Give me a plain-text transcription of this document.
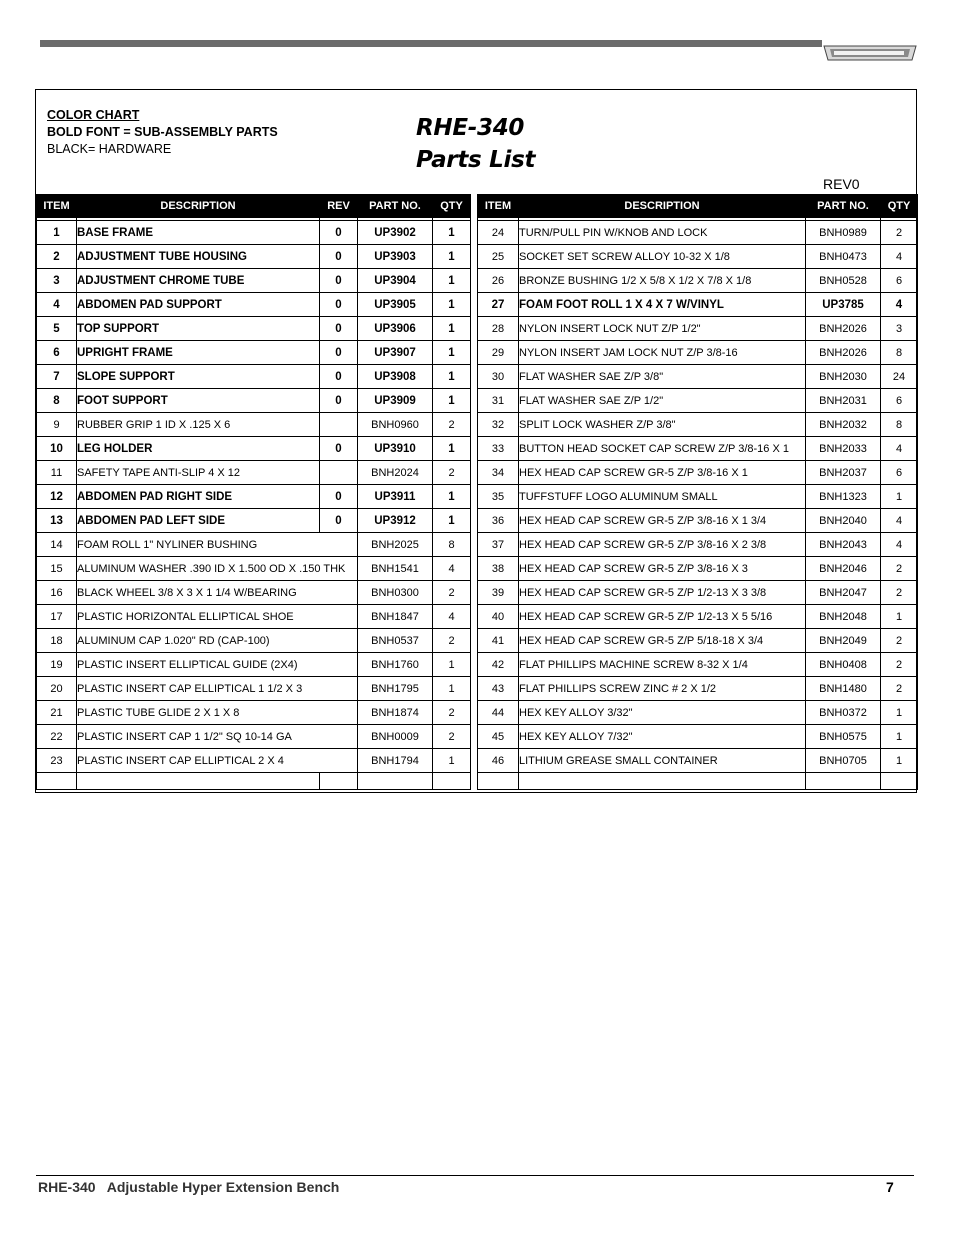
COLOR CHART
BOLD FONT = SUB-ASSEMBLY PARTS
BLACK= HARDWARE
RHE-340
Parts List
REV0
ITEM	DESCRIPTION	REV	PART NO.	QTY

1	BASE FRAME	0	UP3902	1
2	ADJUSTMENT TUBE HOUSING	0	UP3903	1
3	ADJUSTMENT CHROME TUBE	0	UP3904	1
4	ABDOMEN PAD SUPPORT	0	UP3905	1
5	TOP SUPPORT	0	UP3906	1
6	UPRIGHT FRAME	0	UP3907	1
7	SLOPE SUPPORT	0	UP3908	1
8	FOOT SUPPORT	0	UP3909	1
9	RUBBER GRIP 1 ID X .125 X 6		BNH0960	2
10	LEG HOLDER	0	UP3910	1
11	SAFETY TAPE ANTI-SLIP 4 X 12		BNH2024	2
12	ABDOMEN PAD RIGHT SIDE	0	UP3911	1
13	ABDOMEN PAD LEFT SIDE	0	UP3912	1
14	FOAM ROLL 1" NYLINER BUSHING		BNH2025	8
15	ALUMINUM WASHER .390 ID X 1.500 OD X .150 THK		BNH1541	4
16	BLACK WHEEL 3/8 X 3 X 1 1/4 W/BEARING		BNH0300	2
17	PLASTIC HORIZONTAL ELLIPTICAL SHOE		BNH1847	4
18	ALUMINUM CAP 1.020" RD (CAP-100)		BNH0537	2
19	PLASTIC INSERT ELLIPTICAL GUIDE (2X4)		BNH1760	1
20	PLASTIC INSERT CAP ELLIPTICAL 1 1/2 X 3		BNH1795	1
21	PLASTIC TUBE GLIDE 2 X 1 X 8		BNH1874	2
22	PLASTIC INSERT CAP 1 1/2" SQ 10-14 GA		BNH0009	2
23	PLASTIC INSERT CAP ELLIPTICAL 2 X 4		BNH1794	1

ITEM	DESCRIPTION	PART NO.	QTY

24	TURN/PULL PIN W/KNOB AND LOCK	BNH0989	2
25	SOCKET SET SCREW ALLOY 10-32 X 1/8	BNH0473	4
26	BRONZE BUSHING 1/2 X 5/8 X 1/2 X 7/8 X 1/8	BNH0528	6
27	FOAM FOOT ROLL 1 X 4 X 7 W/VINYL	UP3785	4
28	NYLON INSERT LOCK NUT Z/P 1/2"	BNH2026	3
29	NYLON INSERT JAM LOCK NUT Z/P 3/8-16	BNH2026	8
30	FLAT WASHER SAE Z/P 3/8"	BNH2030	24
31	FLAT WASHER SAE Z/P 1/2"	BNH2031	6
32	SPLIT LOCK WASHER Z/P 3/8"	BNH2032	8
33	BUTTON HEAD SOCKET CAP SCREW Z/P 3/8-16 X 1	BNH2033	4
34	HEX HEAD CAP SCREW GR-5 Z/P 3/8-16 X 1	BNH2037	6
35	TUFFSTUFF LOGO ALUMINUM SMALL	BNH1323	1
36	HEX HEAD CAP SCREW GR-5 Z/P 3/8-16 X 1 3/4	BNH2040	4
37	HEX HEAD CAP SCREW GR-5 Z/P 3/8-16 X 2 3/8	BNH2043	4
38	HEX HEAD CAP SCREW GR-5 Z/P 3/8-16 X 3	BNH2046	2
39	HEX HEAD CAP SCREW GR-5 Z/P 1/2-13 X 3 3/8	BNH2047	2
40	HEX HEAD CAP SCREW GR-5 Z/P 1/2-13 X 5 5/16	BNH2048	1
41	HEX HEAD CAP SCREW GR-5 Z/P 5/18-18 X 3/4	BNH2049	2
42	FLAT PHILLIPS MACHINE SCREW 8-32 X 1/4	BNH0408	2
43	FLAT PHILLIPS SCREW ZINC # 2 X 1/2	BNH1480	2
44	HEX KEY ALLOY 3/32"	BNH0372	1
45	HEX KEY ALLOY 7/32"	BNH0575	1
46	LITHIUM GREASE SMALL CONTAINER	BNH0705	1

RHE-340   Adjustable Hyper Extension Bench	7
